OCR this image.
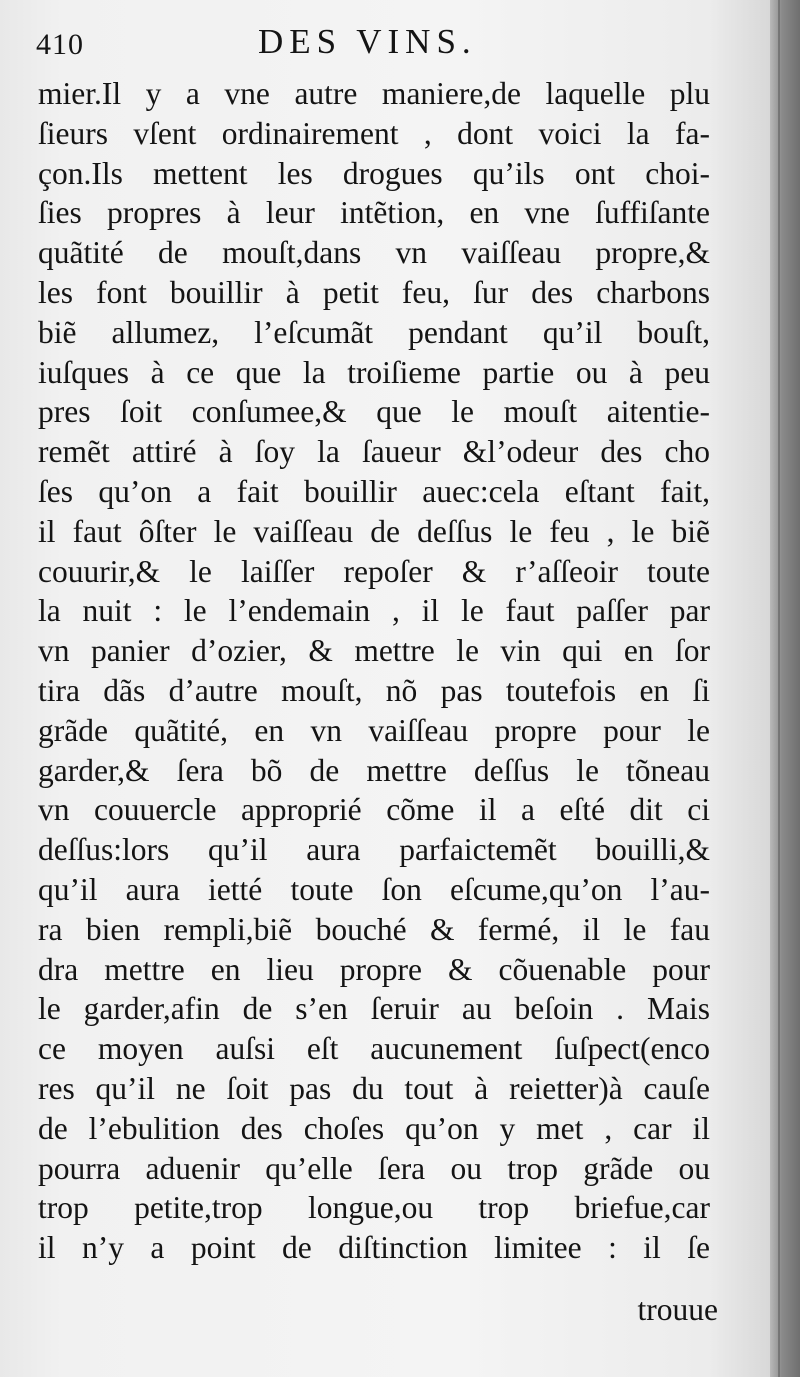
410	DES VINS.
mier.Il y a vne autre maniere,de laquelle plu
ſieurs vſent ordinairement , dont voici la fa-
çon.Ils mettent les drogues qu’ils ont choi-
ſies propres à leur intẽtion, en vne ſuffiſante
quãtité de mouſt,dans vn vaiſſeau propre,&
les font bouillir à petit feu, ſur des charbons
biẽ allumez, l’eſcumãt pendant qu’il bouſt,
iuſques à ce que la troiſieme partie ou à peu
pres ſoit conſumee,& que le mouſt aitentie-
remẽt attiré à ſoy la ſaueur &l’odeur des cho
ſes qu’on a fait bouillir auec:cela eſtant fait,
il faut ôſter le vaiſſeau de deſſus le feu , le biẽ
couurir,& le laiſſer repoſer & r’aſſeoir toute
la nuit : le l’endemain , il le faut paſſer par
vn panier d’ozier, & mettre le vin qui en ſor
tira dãs d’autre mouſt, nõ pas toutefois en ſi
grãde quãtité, en vn vaiſſeau propre pour le
garder,& ſera bõ de mettre deſſus le tõneau
vn couuercle approprié cõme il a eſté dit ci
deſſus:lors qu’il aura parfaictemẽt bouilli,&
qu’il aura ietté toute ſon eſcume,qu’on l’au-
ra bien rempli,biẽ bouché & fermé, il le fau
dra mettre en lieu propre & cõuenable pour
le garder,afin de s’en ſeruir au beſoin . Mais
ce moyen auſsi eſt aucunement ſuſpect(enco
res qu’il ne ſoit pas du tout à reietter)à cauſe
de l’ebulition des choſes qu’on y met , car il
pourra aduenir qu’elle ſera ou trop grãde ou
trop petite,trop longue,ou trop briefue,car
il n’y a point de diſtinction limitee : il ſe
trouue
